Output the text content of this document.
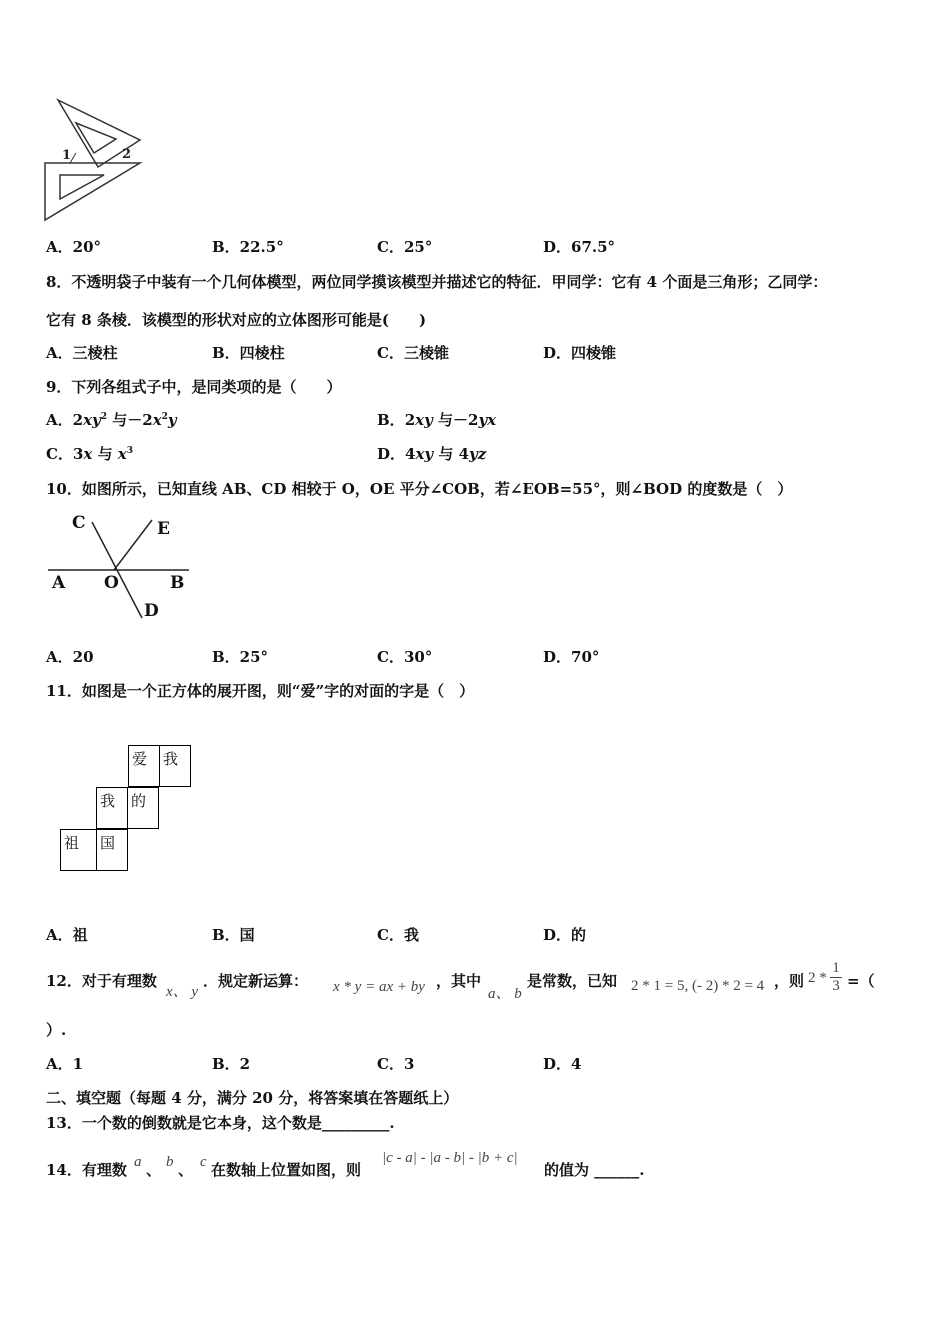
1	2
A．20°	B．22.5°	C．25°	D．67.5°
8．不透明袋子中装有一个几何体模型，两位同学摸该模型并描述它的特征．甲同学：它有 4 个面是三角形；乙同学：
它有 8 条棱．该模型的形状对应的立体图形可能是(　　)
A．三棱柱	B．四棱柱	C．三棱锥	D．四棱锥
9．下列各组式子中，是同类项的是（　　）
A．$2xy^2$ 与$-2x^2y$	B．2xy 与－2yx
C．3x 与 $x^3$	D．4xy 与 4yz
10．如图所示，已知直线 AB、CD 相较于 O，OE 平分∠COB，若∠EOB=55°，则∠BOD 的度数是（　）
C	E
A O	B
D
A．20	B．25°	C．30°	D．70°
11．如图是一个正方体的展开图，则“爱”字的对面的字是（　）
爱	我
我	的
祖	国
A．祖	B．国	C．我	D．的
12．对于有理数
x、 y
．规定新运算： x * y = ax + by ，其中
a、 b
是常数，已知 2 * 1 = 5, (- 2) * 2 = 4 ，则 $2 * \frac{1}{3}$ =（
）.
A．1	B．2	C．3	D．4
二、填空题（每题 4 分，满分 20 分，将答案填在答题纸上）
13．一个数的倒数就是它本身，这个数是_________.
14．有理数 a 、 b 、 c 在数轴上位置如图，则
|c - a| - |a - b| - |b + c|
的值为 ______.
